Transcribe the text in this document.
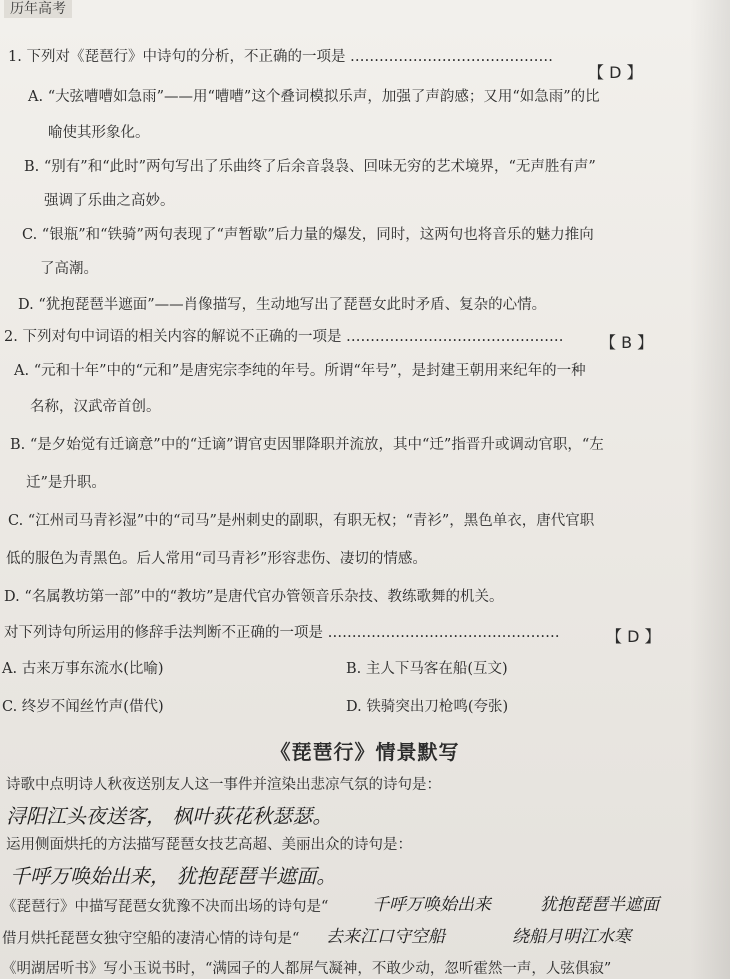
历年高考
1. 下列对《琵琶行》中诗句的分析，不正确的一项是 ……………………………………
【 D 】
A. “大弦嘈嘈如急雨”——用“嘈嘈”这个叠词模拟乐声，加强了声韵感；又用“如急雨”的比
喻使其形象化。
B. “别有”和“此时”两句写出了乐曲终了后余音袅袅、回味无穷的艺术境界，“无声胜有声”
强调了乐曲之高妙。
C. “银瓶”和“铁骑”两句表现了“声暂歇”后力量的爆发，同时，这两句也将音乐的魅力推向
了高潮。
D. “犹抱琵琶半遮面”——肖像描写，生动地写出了琵琶女此时矛盾、复杂的心情。
2. 下列对句中词语的相关内容的解说不正确的一项是 ……………………………………… 【 B 】
A. “元和十年”中的“元和”是唐宪宗李纯的年号。所谓“年号”，是封建王朝用来纪年的一种
名称，汉武帝首创。
B. “是夕始觉有迁谪意”中的“迁谪”谓官吏因罪降职并流放，其中“迁”指晋升或调动官职，“左
迁”是升职。
C. “江州司马青衫湿”中的“司马”是州刺史的副职，有职无权；“青衫”，黑色单衣，唐代官职
低的服色为青黑色。后人常用“司马青衫”形容悲伤、凄切的情感。
D. “名属教坊第一部”中的“教坊”是唐代官办管领音乐杂技、教练歌舞的机关。
对下列诗句所运用的修辞手法判断不正确的一项是 …………………………………………	【 D 】
A. 古来万事东流水(比喻)	B. 主人下马客在船(互文)
C. 终岁不闻丝竹声(借代)	D. 铁骑突出刀枪鸣(夸张)
《琵琶行》情景默写
诗歌中点明诗人秋夜送别友人这一事件并渲染出悲凉气氛的诗句是：
浔阳江头夜送客， 枫叶荻花秋瑟瑟。
运用侧面烘托的方法描写琵琶女技艺高超、美丽出众的诗句是：
千呼万唤始出来， 犹抱琵琶半遮面。
《琵琶行》中描写琵琶女犹豫不决而出场的诗句是“	千呼万唤始出来	犹抱琵琶半遮面
借月烘托琵琶女独守空船的凄清心情的诗句是“ 去来江口守空船	绕船月明江水寒
《明湖居听书》写小玉说书时，“满园子的人都屏气凝神，不敢少动，忽听霍然一声，人弦俱寂”
